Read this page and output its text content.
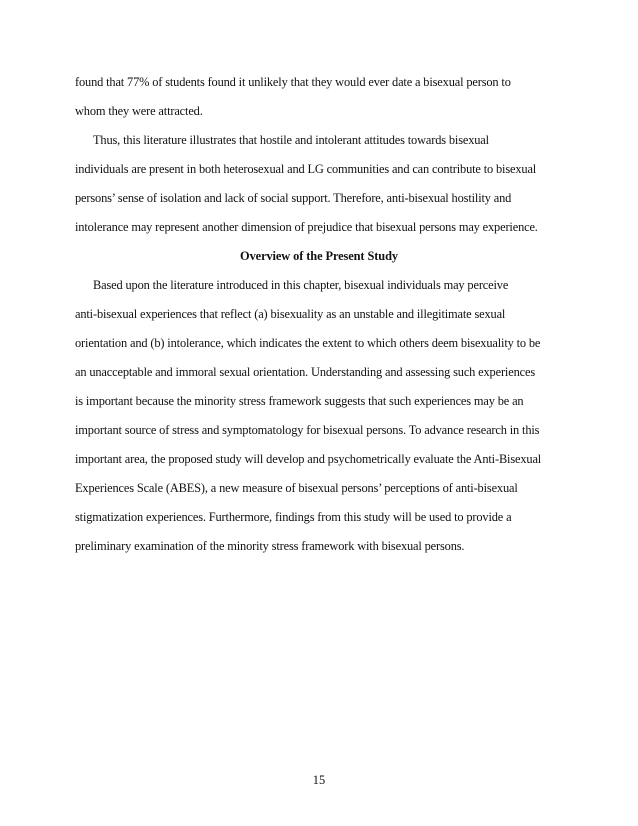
found that 77% of students found it unlikely that they would ever date a bisexual person to
whom they were attracted.
Thus, this literature illustrates that hostile and intolerant attitudes towards bisexual
individuals are present in both heterosexual and LG communities and can contribute to bisexual
persons’ sense of isolation and lack of social support. Therefore, anti-bisexual hostility and
intolerance may represent another dimension of prejudice that bisexual persons may experience.
Overview of the Present Study
Based upon the literature introduced in this chapter, bisexual individuals may perceive
anti-bisexual experiences that reflect (a) bisexuality as an unstable and illegitimate sexual
orientation and (b) intolerance, which indicates the extent to which others deem bisexuality to be
an unacceptable and immoral sexual orientation. Understanding and assessing such experiences
is important because the minority stress framework suggests that such experiences may be an
important source of stress and symptomatology for bisexual persons. To advance research in this
important area, the proposed study will develop and psychometrically evaluate the Anti-Bisexual
Experiences Scale (ABES), a new measure of bisexual persons’ perceptions of anti-bisexual
stigmatization experiences. Furthermore, findings from this study will be used to provide a
preliminary examination of the minority stress framework with bisexual persons.
15
